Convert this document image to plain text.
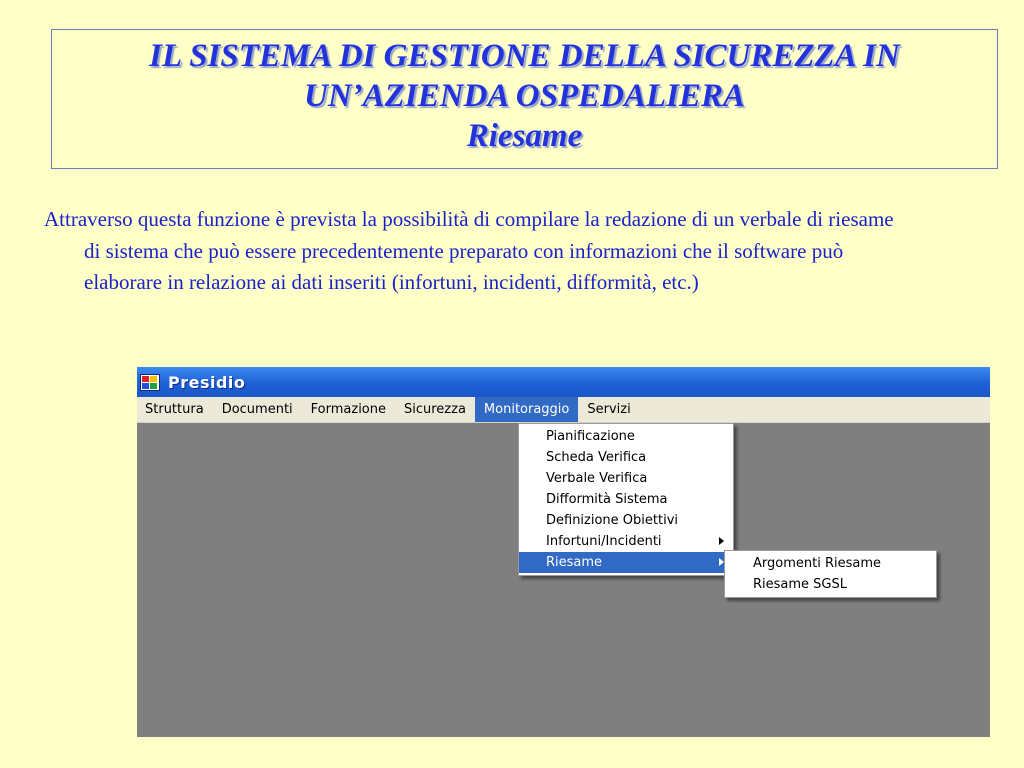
IL SISTEMA DI GESTIONE DELLA SICUREZZA IN
UN’AZIENDA OSPEDALIERA
Riesame

Attraverso questa funzione è prevista la possibilità di compilare la redazione di un verbale di riesame di sistema che può essere precedentemente preparato con informazioni che il software può elaborare in relazione ai dati inseriti (infortuni, incidenti, difformità, etc.)

Presidio
Struttura	Documenti	Formazione	Sicurezza	Monitoraggio	Servizi
Pianificazione
Scheda Verifica
Verbale Verifica
Difformità Sistema
Definizione Obiettivi
Infortuni/Incidenti
Riesame	Argomenti Riesame
Riesame SGSL
